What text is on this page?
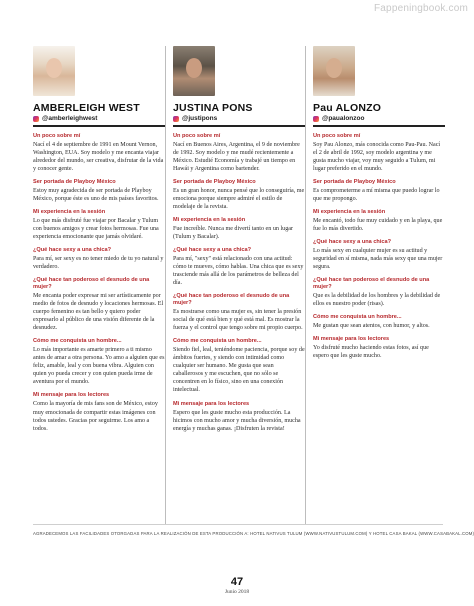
Fappeningbook.com
AMBERLEIGH WEST
@amberleighwest
Un poco sobre mí
Nací el 4 de septiembre de 1991 en Mount Vernon, Washington, EUA. Soy modelo y me encanta viajar alrededor del mundo, ser creativa, disfrutar de la vida y conocer gente.
Ser portada de Playboy México
Estoy muy agradecida de ser portada de Playboy México, porque éste es uno de mis países favoritos.
Mi experiencia en la sesión
Lo que más disfruté fue viajar por Bacalar y Tulum con buenos amigos y crear fotos hermosas. Fue una experiencia emocionante que jamás olvidaré.
¿Qué hace sexy a una chica?
Para mí, ser sexy es no tener miedo de tu yo natural y verdadero.
¿Qué hace tan poderoso el desnudo de una mujer?
Me encanta poder expresar mi ser artísticamente por medio de fotos de desnudo y locaciones hermosas. El cuerpo femenino es tan bello y quiero poder expresarlo al público de una visión diferente de la desnudez.
Cómo me conquista un hombre...
Lo más importante es amarte primero a ti mismo antes de amar a otra persona. Yo amo a alguien que es feliz, amable, leal y con buena vibra. Alguien con quien yo pueda crecer y con quien pueda irme de aventura por el mundo.
Mi mensaje para los lectores
Como la mayoría de mis fans son de México, estoy muy emocionada de compartir estas imágenes con todos ustedes. Gracias por seguirme. Los amo a todos.
JUSTINA PONS
@justipons
Un poco sobre mí
Nací en Buenos Aires, Argentina, el 9 de noviembre de 1992. Soy modelo y me mudé recientemente a México. Estudié Economía y trabajé un tiempo en Hawái y Argentina como bartender.
Ser portada de Playboy México
Es un gran honor, nunca pensé que lo conseguiría, me emociona porque siempre admiré el estilo de modelaje de la revista.
Mi experiencia en la sesión
Fue increíble. Nunca me divertí tanto en un lugar (Tulum y Bacalar).
¿Qué hace sexy a una chica?
Para mí, "sexy" está relacionado con una actitud: cómo te mueves, cómo hablas. Una chica que es sexy trasciende más allá de los parámetros de belleza del día.
¿Qué hace tan poderoso el desnudo de una mujer?
Es mostrarse como una mujer es, sin tener la presión social de qué está bien y qué está mal. Es mostrar la fuerza y el control que tengo sobre mi propio cuerpo.
Cómo me conquista un hombre...
Siendo fiel, leal, teniéndome paciencia, porque soy de ámbitos fuertes, y siendo con intimidad como cualquier ser humano. Me gusta que sean caballerosos y me escuchen, que no sólo se concentren en lo físico, sino en una conexión intelectual.
Mi mensaje para los lectores
Espero que les guste mucho esta producción. La hicimos con mucho amor y mucha diversión, mucha energía y muchas ganas. ¡Disfruten la revista!
Pau ALONZO
@paualonzoo
Un poco sobre mí
Soy Pau Alonzo, más conocida como Pau-Pau. Nací el 2 de abril de 1992, soy modelo argentina y me gusta mucho viajar, voy muy seguido a Tulum, mi lugar preferido en el mundo.
Ser portada de Playboy México
Es comprometerme a mí misma que puedo lograr lo que me propongo.
Mi experiencia en la sesión
Me encantó, todo fue muy cuidado y en la playa, que fue lo más divertido.
¿Qué hace sexy a una chica?
Lo más sexy en cualquier mujer es su actitud y seguridad en sí misma, nada más sexy que una mujer segura.
¿Qué hace tan poderoso el desnudo de una mujer?
Que es la debilidad de los hombres y la debilidad de ellos es nuestro poder (risas).
Cómo me conquista un hombre...
Me gustan que sean atentos, con humor, y altos.
Mi mensaje para los lectores
Yo disfruté mucho haciendo estas fotos, así que espero que les guste mucho.
AGRADECEMOS LAS FACILIDADES OTORGADAS PARA LA REALIZACIÓN DE ESTA PRODUCCIÓN A: HOTEL NATIVUS TULUM (WWW.NATIVUSTULUM.COM) Y HOTEL CASA BAKAL (WWW.CASABAKAL.COM)
47
Junio 2018
